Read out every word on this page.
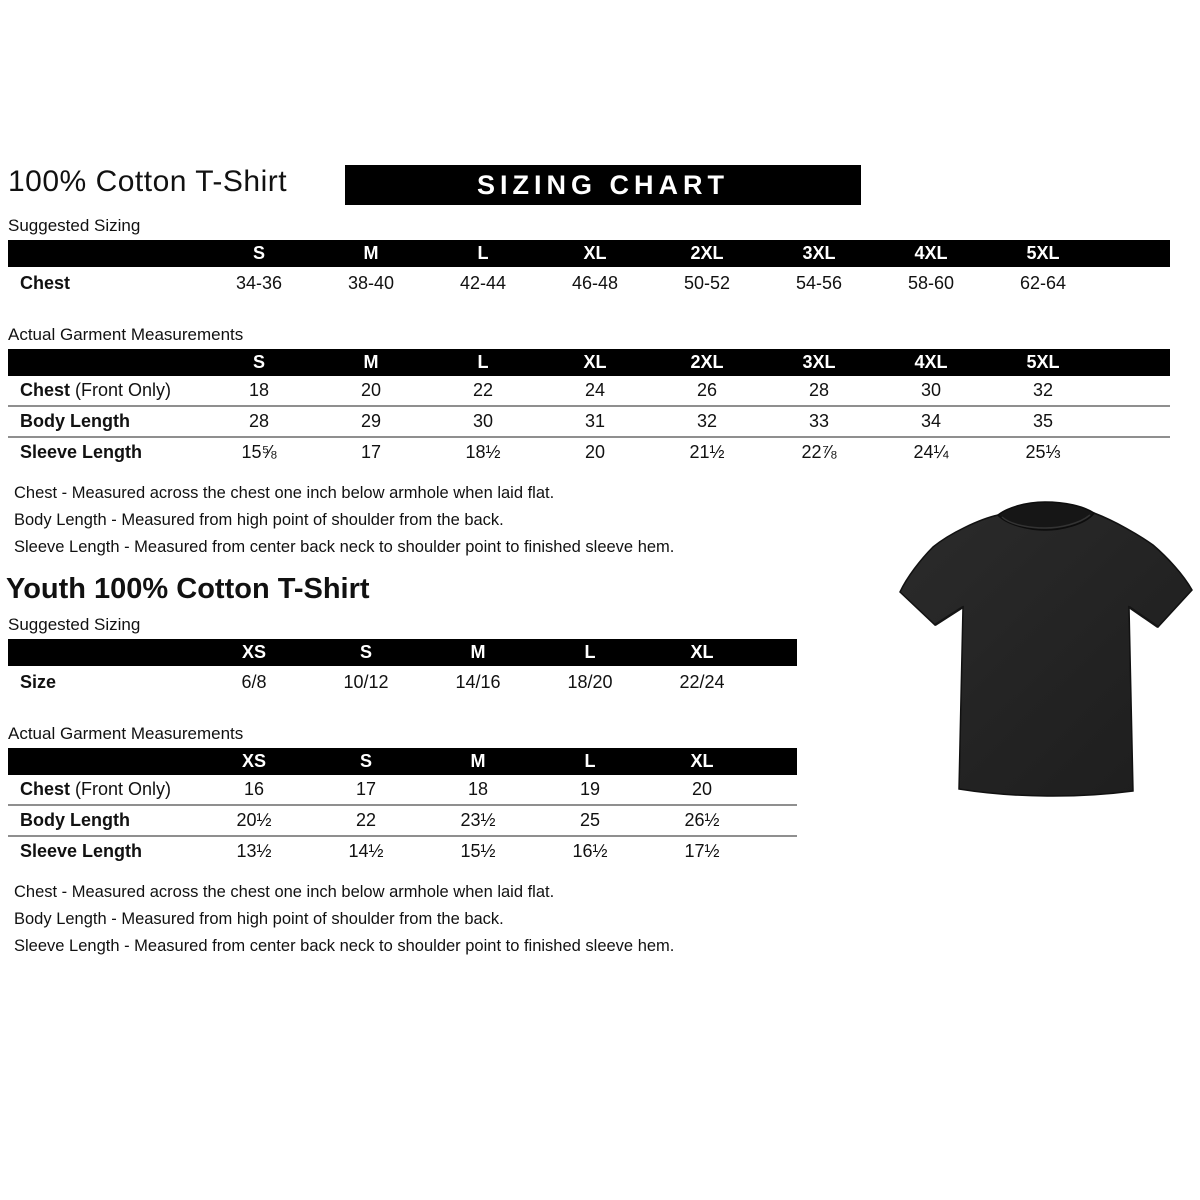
100% Cotton T-Shirt	SIZING CHART
Suggested Sizing
S	M	L	XL	2XL	3XL	4XL	5XL
Chest	34-36	38-40	42-44	46-48	50-52	54-56	58-60	62-64
Actual Garment Measurements
S	M	L	XL	2XL	3XL	4XL	5XL
Chest (Front Only)	18	20	22	24	26	28	30	32
Body Length	28	29	30	31	32	33	34	35
Sleeve Length	15⅝	17	18½	20	21½	22⅞	24¼	25⅓
Chest - Measured across the chest one inch below armhole when laid flat.
Body Length - Measured from high point of shoulder from the back.
Sleeve Length - Measured from center back neck to shoulder point to finished sleeve hem.
Youth 100% Cotton T-Shirt
Suggested Sizing
XS	S	M	L	XL
Size	6/8	10/12	14/16	18/20	22/24
Actual Garment Measurements
XS	S	M	L	XL
Chest (Front Only)	16	17	18	19	20
Body Length	20½	22	23½	25	26½
Sleeve Length	13½	14½	15½	16½	17½
Chest - Measured across the chest one inch below armhole when laid flat.
Body Length - Measured from high point of shoulder from the back.
Sleeve Length - Measured from center back neck to shoulder point to finished sleeve hem.
